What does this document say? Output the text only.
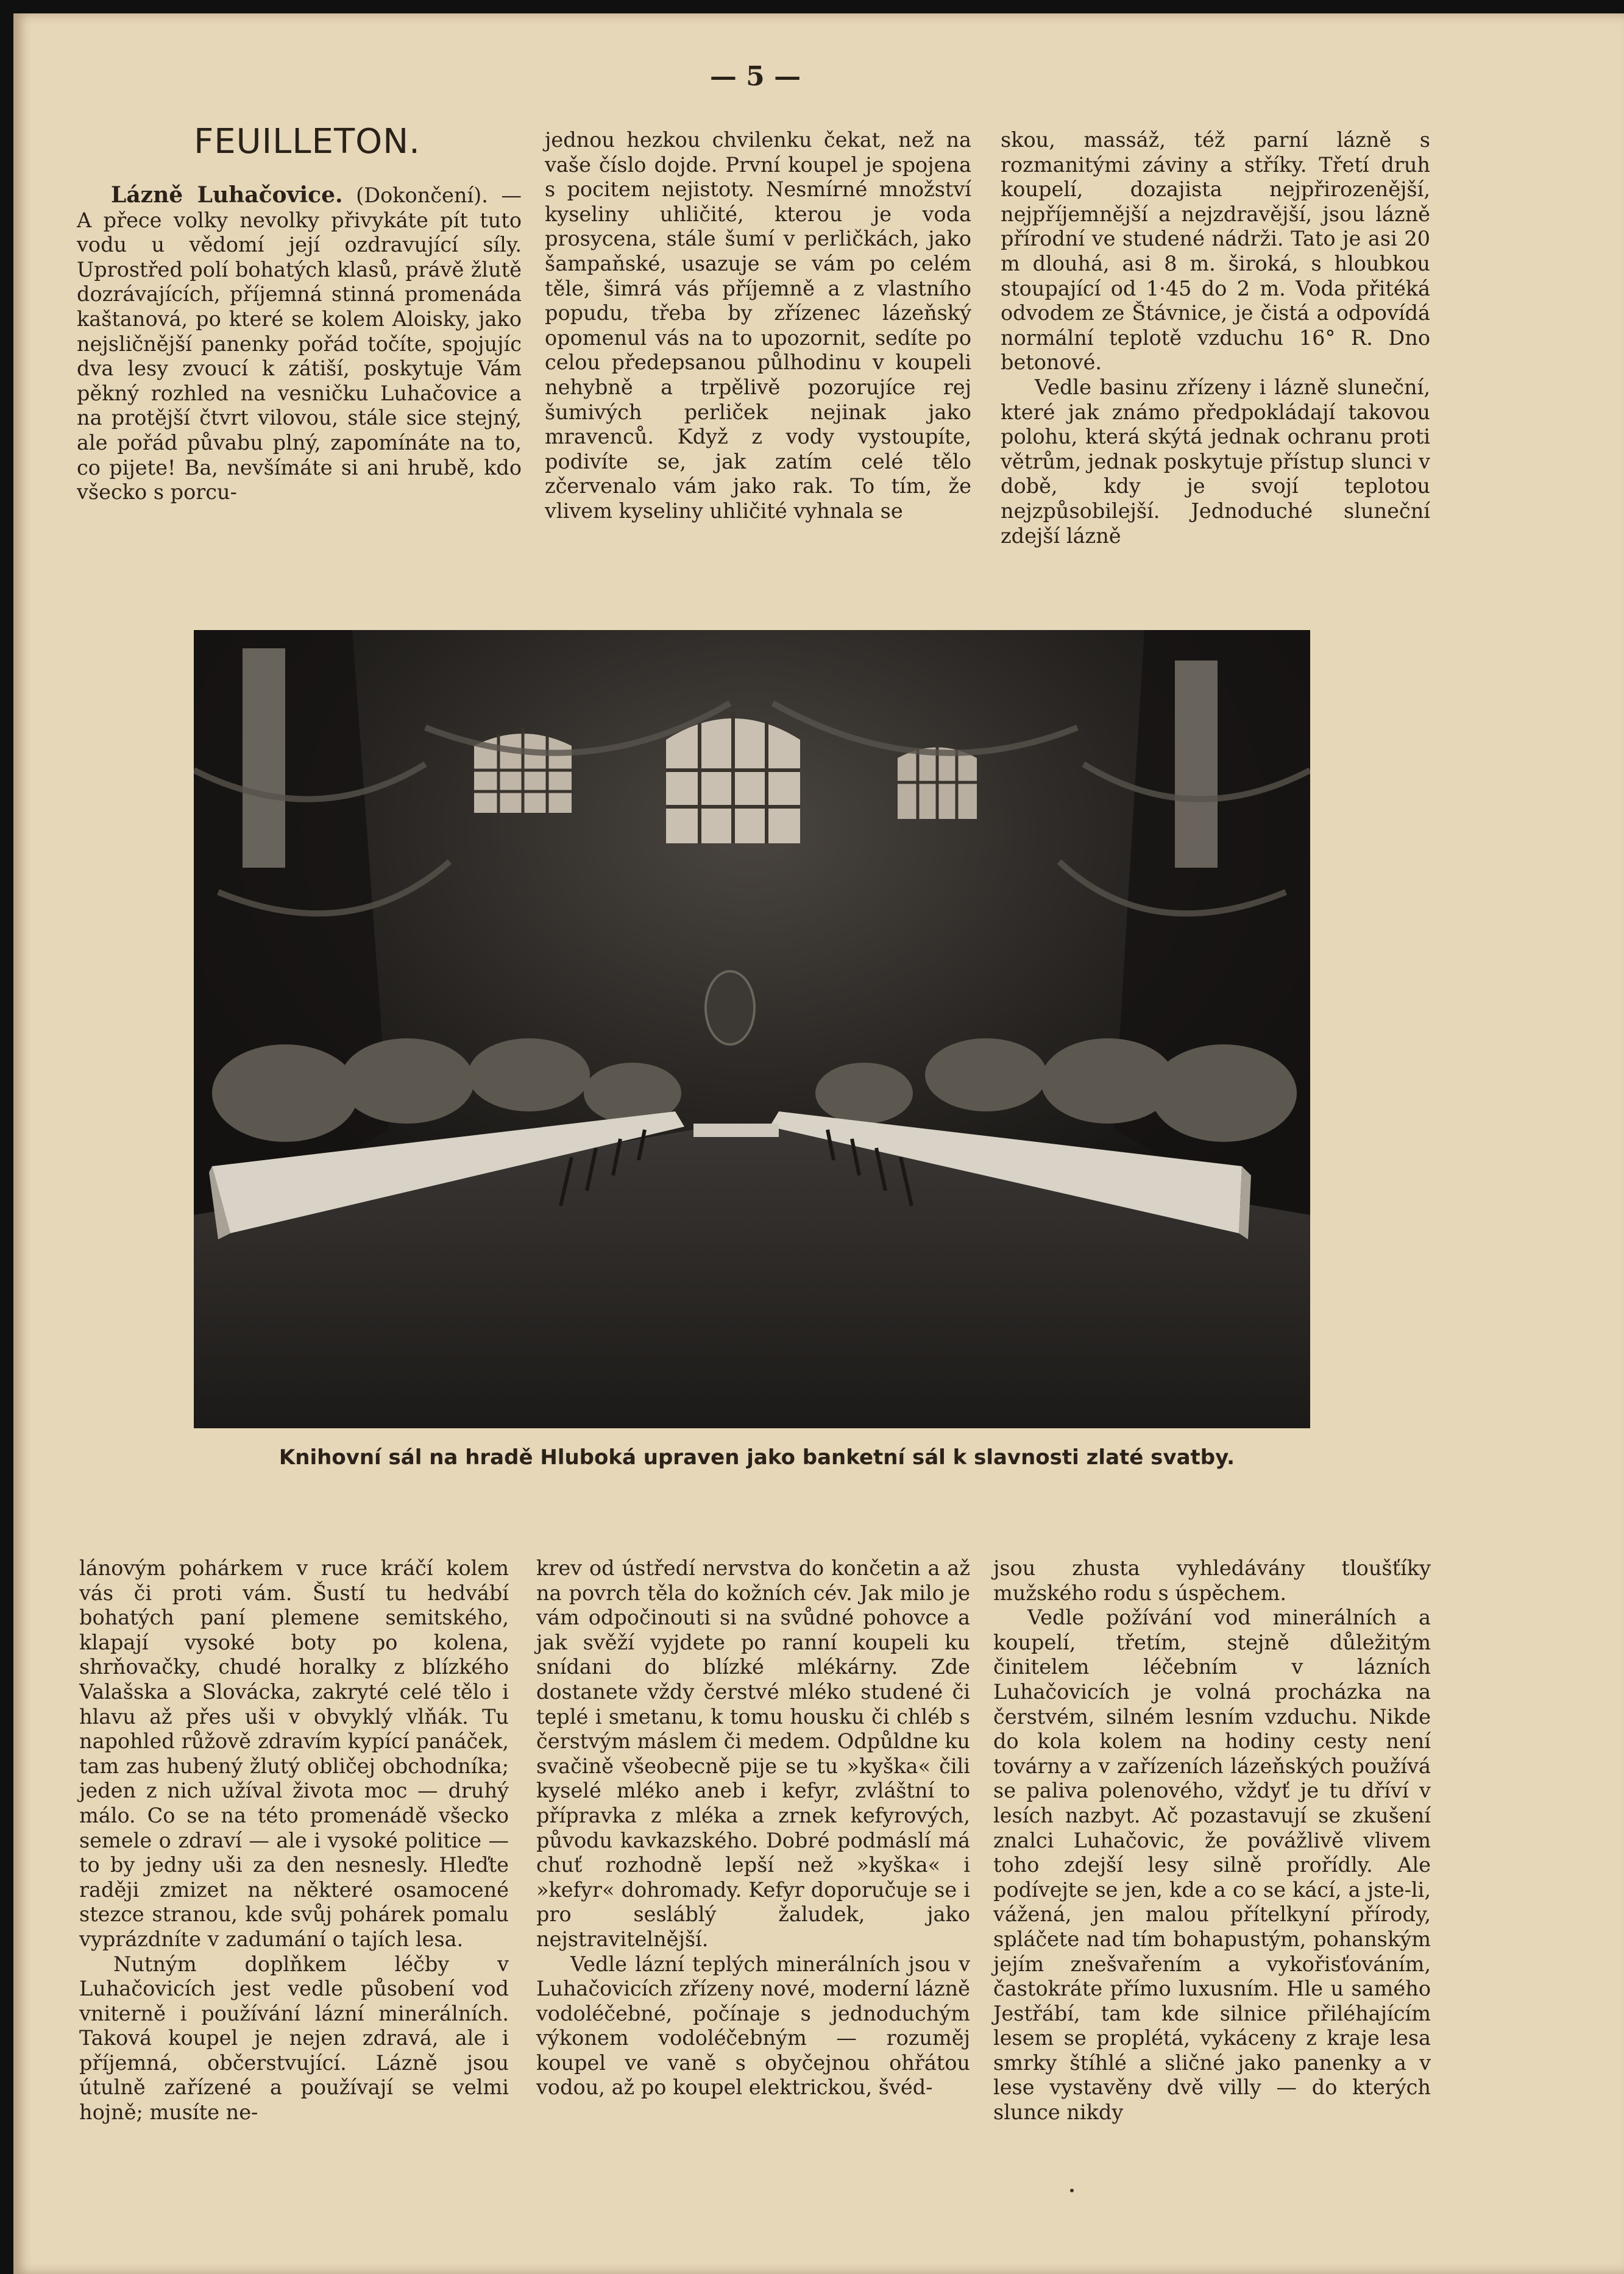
— 5 —
FEUILLETON.

Lázně Luhačovice. (Dokončení). — A přece volky nevolky přivykáte pít tuto vodu u vědomí její ozdravující síly. Uprostřed polí bohatých klasů, právě žlutě dozrávajících, příjemná stinná promenáda kaštanová, po které se kolem Aloisky, jako nejsličnější panenky pořád točíte, spojujíc dva lesy zvoucí k zátiší, poskytuje Vám pěkný rozhled na vesničku Luhačovice a na protější čtvrt vilovou, stále sice stejný, ale pořád půvabu plný, zapomínáte na to, co pijete! Ba, nevšímáte si ani hrubě, kdo všecko s porcu-

jednou hezkou chvilenku čekat, než na vaše číslo dojde. První koupel je spojena s pocitem nejistoty. Nesmírné množství kyseliny uhličité, kterou je voda prosycena, stále šumí v perličkách, jako šampaňské, usazuje se vám po celém těle, šimrá vás příjemně a z vlastního popudu, třeba by zřízenec lázeňský opomenul vás na to upozornit, sedíte po celou předepsanou půlhodinu v koupeli nehybně a trpělivě pozorujíce rej šumivých perliček nejinak jako mravenců. Když z vody vystoupíte, podivíte se, jak zatím celé tělo zčervenalo vám jako rak. To tím, že vlivem kyseliny uhličité vyhnala se

skou, massáž, též parní lázně s rozmanitými záviny a stříky. Třetí druh koupelí, dozajista nejpřirozenější, nejpříjemnější a nejzdravější, jsou lázně přírodní ve studené nádrži. Tato je asi 20 m dlouhá, asi 8 m. široká, s hloubkou stoupající od 1·45 do 2 m. Voda přitéká odvodem ze Štávnice, je čistá a odpovídá normální teplotě vzduchu 16° R. Dno betonové.

Vedle basinu zřízeny i lázně sluneční, které jak známo předpokládají takovou polohu, která skýtá jednak ochranu proti větrům, jednak poskytuje přístup slunci v době, kdy je svojí teplotou nejzpůsobilejší. Jednoduché sluneční zdejší lázně

Knihovní sál na hradě Hluboká upraven jako banketní sál k slavnosti zlaté svatby.

lánovým pohárkem v ruce kráčí kolem vás či proti vám. Šustí tu hedvábí bohatých paní plemene semitského, klapají vysoké boty po kolena, shrňovačky, chudé horalky z blízkého Valašska a Slovácka, zakryté celé tělo i hlavu až přes uši v obvyklý vlňák. Tu napohled růžově zdravím kypící panáček, tam zas hubený žlutý obličej obchodníka; jeden z nich užíval života moc — druhý málo. Co se na této promenádě všecko semele o zdraví — ale i vysoké politice — to by jedny uši za den nesnesly. Hleďte raději zmizet na některé osamocené stezce stranou, kde svůj pohárek pomalu vyprázdníte v zadumání o tajích lesa.

Nutným doplňkem léčby v Luhačovicích jest vedle působení vod vniterně i používání lázní minerálních. Taková koupel je nejen zdravá, ale i příjemná, občerstvující. Lázně jsou útulně zařízené a používají se velmi hojně; musíte ne-

krev od ústředí nervstva do končetin a až na povrch těla do kožních cév. Jak milo je vám odpočinouti si na svůdné pohovce a jak svěží vyjdete po ranní koupeli ku snídani do blízké mlékárny. Zde dostanete vždy čerstvé mléko studené či teplé i smetanu, k tomu housku či chléb s čerstvým máslem či medem. Odpůldne ku svačině všeobecně pije se tu »kyška« čili kyselé mléko aneb i kefyr, zvláštní to přípravka z mléka a zrnek kefyrových, původu kavkazského. Dobré podmáslí má chuť rozhodně lepší než »kyška« i »kefyr« dohromady. Kefyr doporučuje se i pro sesláblý žaludek, jako nejstravitelnější.

Vedle lázní teplých minerálních jsou v Luhačovicích zřízeny nové, moderní lázně vodoléčebné, počínaje s jednoduchým výkonem vodoléčebným — rozuměj koupel ve vaně s obyčejnou ohřátou vodou, až po koupel elektrickou, švéd-

jsou zhusta vyhledávány tloušťíky mužského rodu s úspěchem.

Vedle požívání vod minerálních a koupelí, třetím, stejně důležitým činitelem léčebním v lázních Luhačovicích je volná procházka na čerstvém, silném lesním vzduchu. Nikde do kola kolem na hodiny cesty není továrny a v zařízeních lázeňských používá se paliva polenového, vždyť je tu dříví v lesích nazbyt. Ač pozastavují se zkušení znalci Luhačovic, že povážlivě vlivem toho zdejší lesy silně prořídly. Ale podívejte se jen, kde a co se kácí, a jste-li, vážená, jen malou přítelkyní přírody, spláčete nad tím bohapustým, pohanským jejím znešvařením a vykořisťováním, častokráte přímo luxusním. Hle u samého Jestřábí, tam kde silnice přiléhajícím lesem se proplétá, vykáceny z kraje lesa smrky štíhlé a sličné jako panenky a v lese vystavěny dvě villy — do kterých slunce nikdy
